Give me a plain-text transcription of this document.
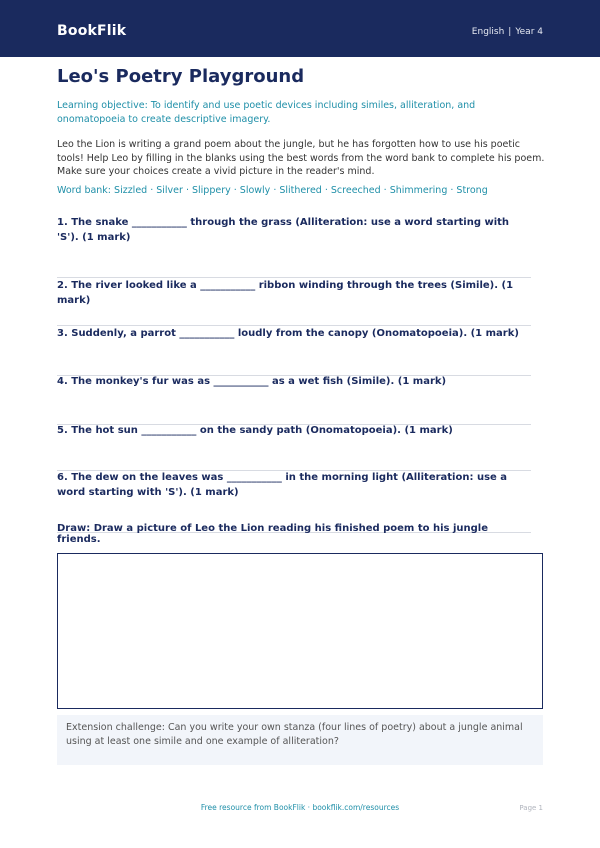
BookFlik	English | Year 4
Leo's Poetry Playground

Learning objective: To identify and use poetic devices including similes, alliteration, and onomatopoeia to create descriptive imagery.

Leo the Lion is writing a grand poem about the jungle, but he has forgotten how to use his poetic tools! Help Leo by filling in the blanks using the best words from the word bank to complete his poem. Make sure your choices create a vivid picture in the reader's mind.

Word bank: Sizzled · Silver · Slippery · Slowly · Slithered · Screeched · Shimmering · Strong

1. The snake ___________ through the grass (Alliteration: use a word starting with 'S'). (1 mark)
2. The river looked like a ___________ ribbon winding through the trees (Simile). (1 mark)
3. Suddenly, a parrot ___________ loudly from the canopy (Onomatopoeia). (1 mark)
4. The monkey's fur was as ___________ as a wet fish (Simile). (1 mark)
5. The hot sun ___________ on the sandy path (Onomatopoeia). (1 mark)
6. The dew on the leaves was ___________ in the morning light (Alliteration: use a word starting with 'S'). (1 mark)
Draw: Draw a picture of Leo the Lion reading his finished poem to his jungle friends.
Extension challenge: Can you write your own stanza (four lines of poetry) about a jungle animal using at least one simile and one example of alliteration?
Free resource from BookFlik · bookflik.com/resources	Page 1
